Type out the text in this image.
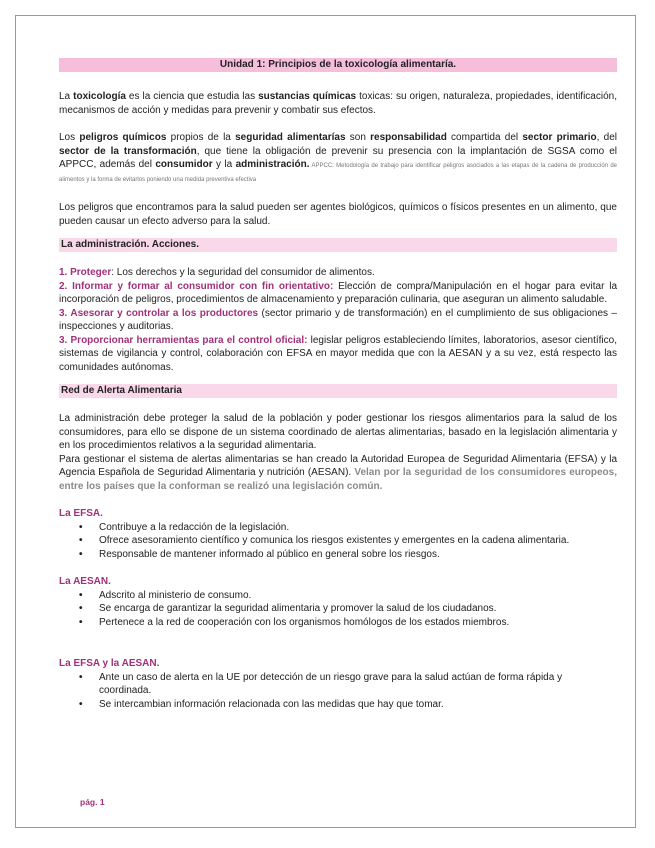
Unidad 1: Principios de la toxicología alimentaría.

La toxicología es la ciencia que estudia las sustancias químicas toxicas: su origen, naturaleza, propiedades, identificación, mecanismos de acción y medidas para prevenir y combatir sus efectos.

Los peligros químicos propios de la seguridad alimentarías son responsabilidad compartida del sector primario, del sector de la transformación, que tiene la obligación de prevenir su presencia con la implantación de SGSA como el APPCC, además del consumidor y la administración. APPCC: Metodología de trabajo para identificar peligros asociados a las etapas de la cadena de producción de alimentos y la forma de evitarlos poniendo una medida preventiva efectiva

Los peligros que encontramos para la salud pueden ser agentes biológicos, químicos o físicos presentes en un alimento, que pueden causar un efecto adverso para la salud.

La administración. Acciones.

1. Proteger: Los derechos y la seguridad del consumidor de alimentos.

2. Informar y formar al consumidor con fin orientativo: Elección de compra/Manipulación en el hogar para evitar la incorporación de peligros, procedimientos de almacenamiento y preparación culinaria, que aseguran un alimento saludable.

3. Asesorar y controlar a los productores (sector primario y de transformación) en el cumplimiento de sus obligaciones – inspecciones y auditorias.

3. Proporcionar herramientas para el control oficial: legislar peligros estableciendo límites, laboratorios, asesor científico, sistemas de vigilancia y control, colaboración con EFSA en mayor medida que con la AESAN y a su vez, está respecto las comunidades autónomas.

Red de Alerta Alimentaria

La administración debe proteger la salud de la población y poder gestionar los riesgos alimentarios para la salud de los consumidores, para ello se dispone de un sistema coordinado de alertas alimentarias, basado en la legislación alimentaria y en los procedimientos relativos a la seguridad alimentaria.

Para gestionar el sistema de alertas alimentarias se han creado la Autoridad Europea de Seguridad Alimentaria (EFSA) y la Agencia Española de Seguridad Alimentaria y nutrición (AESAN). Velan por la seguridad de los consumidores europeos, entre los países que la conforman se realizó una legislación común.

La EFSA.
• Contribuye a la redacción de la legislación.
• Ofrece asesoramiento científico y comunica los riesgos existentes y emergentes en la cadena alimentaria.
• Responsable de mantener informado al público en general sobre los riesgos.
La AESAN.
• Adscrito al ministerio de consumo.
• Se encarga de garantizar la seguridad alimentaria y promover la salud de los ciudadanos.
• Pertenece a la red de cooperación con los organismos homólogos de los estados miembros.
La EFSA y la AESAN.
• Ante un caso de alerta en la UE por detección de un riesgo grave para la salud actúan de forma rápida y coordinada.
• Se intercambian información relacionada con las medidas que hay que tomar.
pág. 1
